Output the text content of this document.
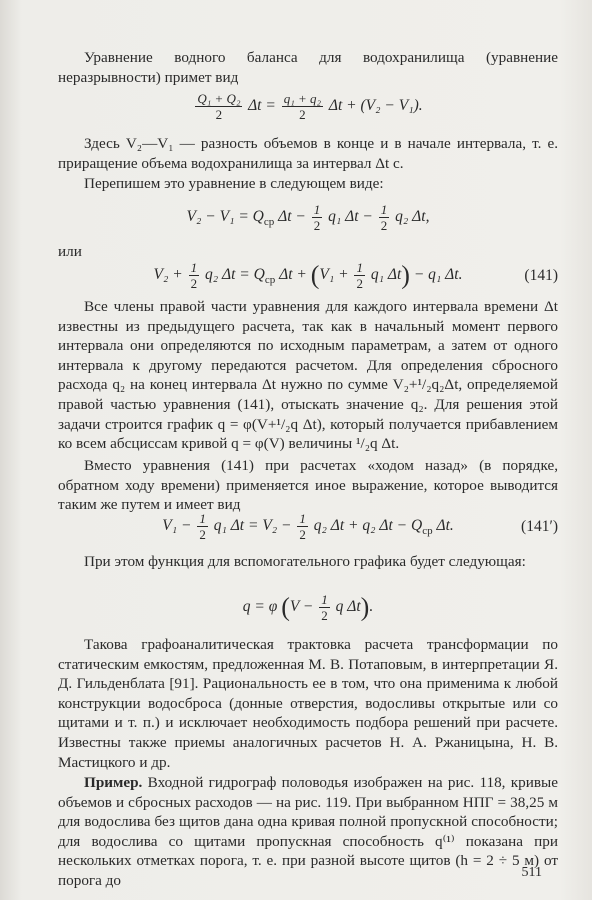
Уравнение водного баланса для водохранилища (уравнение неразрывности) примет вид

$\frac{\text{Q₁ + Q₂}}{2}$ $\Delta t = \frac{\text{q₁ + q₂}}{2}$ Δt + (V₂ − V₁).

Здесь V₂—V₁ — разность объемов в конце и в начале интервала, т. е. приращение объема водохранилища за интервал Δt с.

Перепишем это уравнение в следующем виде:

$V_2 - V_1 = Q_{ср}$ $\Delta t - \frac{1}{2} q_1$ $\Delta t - \frac{1}{2} q_2$ Δt,

или

$V_2 + \frac{1}{2} q_2$ $\Delta t = Q_{ср}$ $\Delta t + (V_1 + \frac{1}{2} q_1$ Δt) − q₁ Δt.	(141)

Все члены правой части уравнения для каждого интервала времени Δt известны из предыдущего расчета, так как в начальный момент первого интервала они определяются по исходным параметрам, а затем от одного интервала к другому передаются расчетом. Для определения сбросного расхода q₂ на конец интервала Δt нужно по сумме V₂+¹/₂q₂Δt, определяемой правой частью уравнения (141), отыскать значение q₂. Для решения этой задачи строится график q = φ(V+¹/₂q Δt), который получается прибавлением ко всем абсциссам кривой q = φ(V) величины ¹/₂q Δt.

Вместо уравнения (141) при расчетах «ходом назад» (в порядке, обратном ходу времени) применяется иное выражение, которое выводится таким же путем и имеет вид

$V_1 - \frac{1}{2} q_1$ $\Delta t = V_2 - \frac{1}{2} q_2$ Δt + q₂ $\Delta t - Q_{ср}$ Δt.	(141′)

При этом функция для вспомогательного графика будет следующая:

q = φ ($V - \frac{1}{2}$ q Δt).

Такова графоаналитическая трактовка расчета трансформации по статическим емкостям, предложенная М. В. Потаповым, в интерпретации Я. Д. Гильденблата [91]. Рациональность ее в том, что она применима к любой конструкции водосброса (донные отверстия, водосливы открытые или со щитами и т. п.) и исключает необходимость подбора решений при расчете. Известны также приемы аналогичных расчетов Н. А. Ржаницына, Н. В. Мастицкого и др.

Пример. Входной гидрограф половодья изображен на рис. 118, кривые объемов и сбросных расходов — на рис. 119. При выбранном НПГ = 38,25 м для водослива без щитов дана одна кривая полной пропускной способности; для водослива со щитами пропускная способность q⁽¹⁾ показана при нескольких отметках порога, т. е. при разной высоте щитов (h = 2 ÷ 5 м) от порога до	511
